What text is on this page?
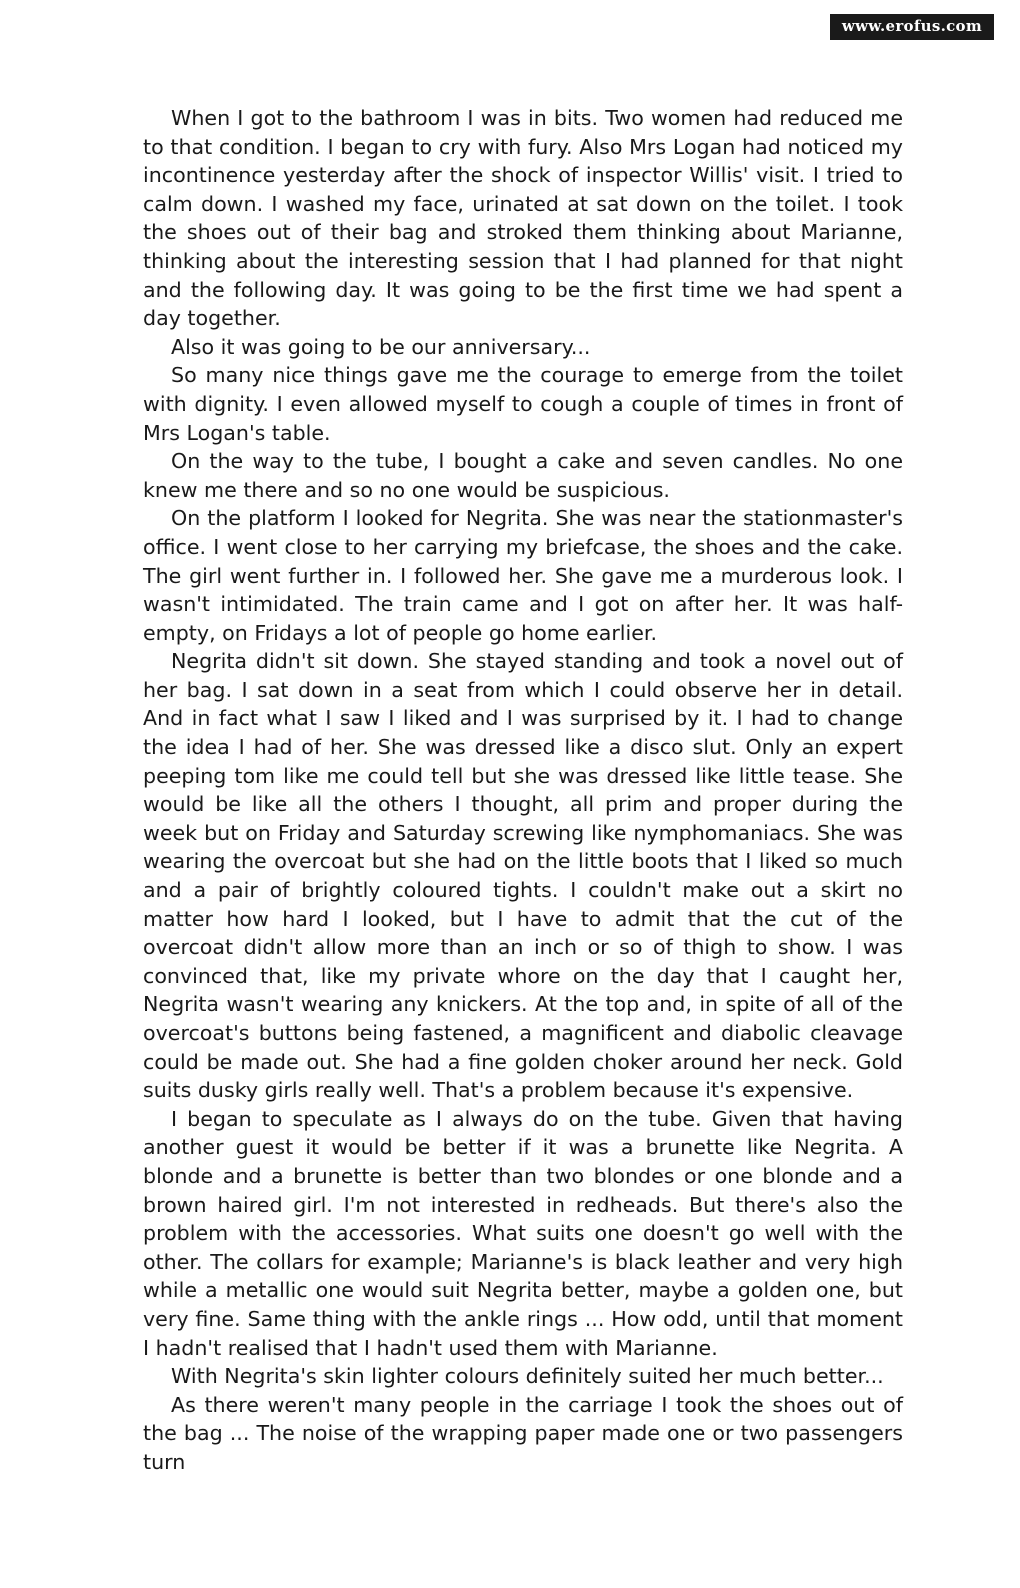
www.erofus.com

When I got to the bathroom I was in bits. Two women had reduced me to that condition. I began to cry with fury. Also Mrs Logan had noticed my incontinence yesterday after the shock of inspector Willis' visit. I tried to calm down. I washed my face, urinated at sat down on the toilet. I took the shoes out of their bag and stroked them thinking about Marianne, thinking about the interesting session that I had planned for that night and the following day. It was going to be the first time we had spent a day together.

Also it was going to be our anniversary...

So many nice things gave me the courage to emerge from the toilet with dignity. I even allowed myself to cough a couple of times in front of Mrs Logan's table.

On the way to the tube, I bought a cake and seven candles. No one knew me there and so no one would be suspicious.

On the platform I looked for Negrita. She was near the stationmaster's office. I went close to her carrying my briefcase, the shoes and the cake. The girl went further in. I followed her. She gave me a murderous look. I wasn't intimidated. The train came and I got on after her. It was half-empty, on Fridays a lot of people go home earlier.

Negrita didn't sit down. She stayed standing and took a novel out of her bag. I sat down in a seat from which I could observe her in detail. And in fact what I saw I liked and I was surprised by it. I had to change the idea I had of her. She was dressed like a disco slut. Only an expert peeping tom like me could tell but she was dressed like little tease. She would be like all the others I thought, all prim and proper during the week but on Friday and Saturday screwing like nymphomaniacs. She was wearing the overcoat but she had on the little boots that I liked so much and a pair of brightly coloured tights. I couldn't make out a skirt no matter how hard I looked, but I have to admit that the cut of the overcoat didn't allow more than an inch or so of thigh to show. I was convinced that, like my private whore on the day that I caught her, Negrita wasn't wearing any knickers. At the top and, in spite of all of the overcoat's buttons being fastened, a magnificent and diabolic cleavage could be made out. She had a fine golden choker around her neck. Gold suits dusky girls really well. That's a problem because it's expensive.

I began to speculate as I always do on the tube. Given that having another guest it would be better if it was a brunette like Negrita. A blonde and a brunette is better than two blondes or one blonde and a brown haired girl. I'm not interested in redheads. But there's also the problem with the accessories. What suits one doesn't go well with the other. The collars for example; Marianne's is black leather and very high while a metallic one would suit Negrita better, maybe a golden one, but very fine. Same thing with the ankle rings ... How odd, until that moment I hadn't realised that I hadn't used them with Marianne.

With Negrita's skin lighter colours definitely suited her much better...

As there weren't many people in the carriage I took the shoes out of the bag ... The noise of the wrapping paper made one or two passengers turn
